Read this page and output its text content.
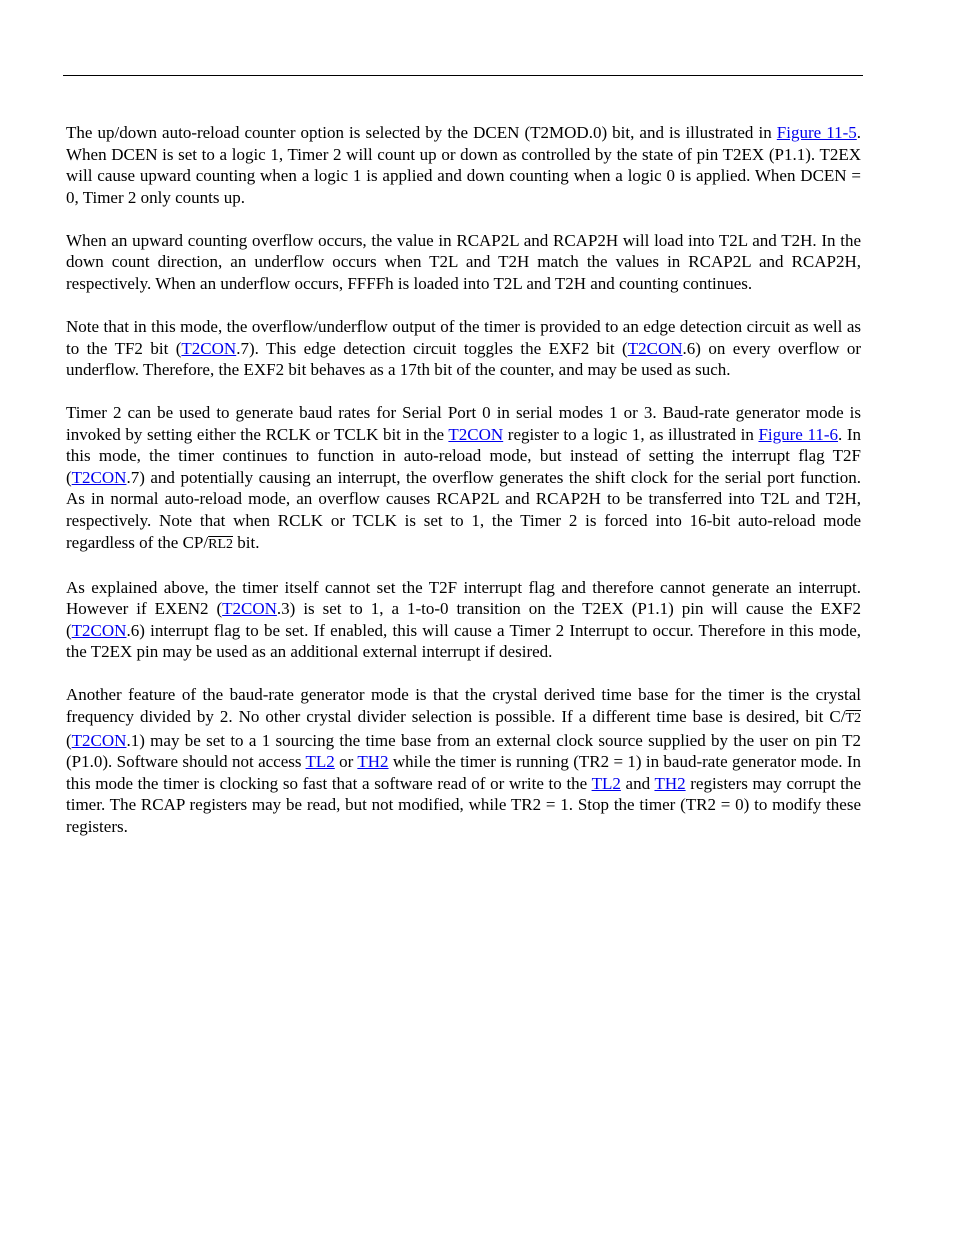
The up/down auto-reload counter option is selected by the DCEN (T2MOD.0) bit, and is illustrated in Figure 11-5. When DCEN is set to a logic 1, Timer 2 will count up or down as controlled by the state of pin T2EX (P1.1). T2EX will cause upward counting when a logic 1 is applied and down counting when a logic 0 is applied. When DCEN = 0, Timer 2 only counts up.

When an upward counting overflow occurs, the value in RCAP2L and RCAP2H will load into T2L and T2H. In the down count direction, an underflow occurs when T2L and T2H match the values in RCAP2L and RCAP2H, respectively. When an underflow occurs, FFFFh is loaded into T2L and T2H and counting continues.

Note that in this mode, the overflow/underflow output of the timer is provided to an edge detection circuit as well as to the TF2 bit (T2CON.7). This edge detection circuit toggles the EXF2 bit (T2CON.6) on every overflow or underflow. Therefore, the EXF2 bit behaves as a 17th bit of the counter, and may be used as such.

Timer 2 can be used to generate baud rates for Serial Port 0 in serial modes 1 or 3. Baud-rate generator mode is invoked by setting either the RCLK or TCLK bit in the T2CON register to a logic 1, as illustrated in Figure 11-6. In this mode, the timer continues to function in auto-reload mode, but instead of setting the interrupt flag T2F (T2CON.7) and potentially causing an interrupt, the overflow generates the shift clock for the serial port function. As in normal auto-reload mode, an overflow causes RCAP2L and RCAP2H to be transferred into T2L and T2H, respectively. Note that when RCLK or TCLK is set to 1, the Timer 2 is forced into 16-bit auto-reload mode regardless of the CP/RL2 bit.

As explained above, the timer itself cannot set the T2F interrupt flag and therefore cannot generate an interrupt. However if EXEN2 (T2CON.3) is set to 1, a 1-to-0 transition on the T2EX (P1.1) pin will cause the EXF2 (T2CON.6) interrupt flag to be set. If enabled, this will cause a Timer 2 Interrupt to occur. Therefore in this mode, the T2EX pin may be used as an additional external interrupt if desired.

Another feature of the baud-rate generator mode is that the crystal derived time base for the timer is the crystal frequency divided by 2. No other crystal divider selection is possible. If a different time base is desired, bit C/T2 (T2CON.1) may be set to a 1 sourcing the time base from an external clock source supplied by the user on pin T2 (P1.0). Software should not access TL2 or TH2 while the timer is running (TR2 = 1) in baud-rate generator mode. In this mode the timer is clocking so fast that a software read of or write to the TL2 and TH2 registers may corrupt the timer. The RCAP registers may be read, but not modified, while TR2 = 1. Stop the timer (TR2 = 0) to modify these registers.
